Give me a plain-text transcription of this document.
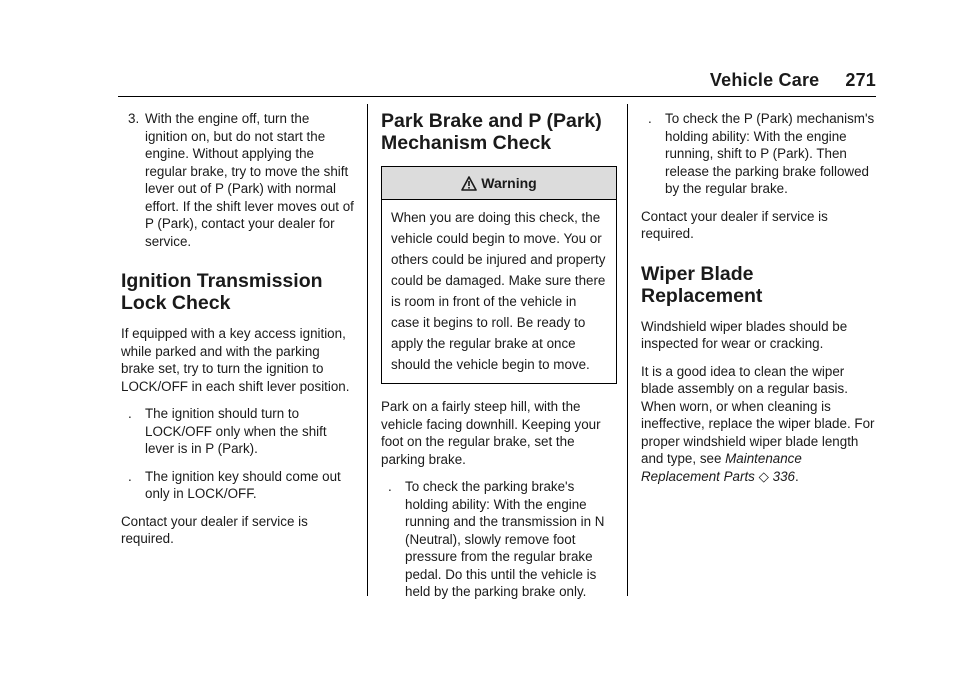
Vehicle Care 271
3. With the engine off, turn the ignition on, but do not start the engine. Without applying the regular brake, try to move the shift lever out of P (Park) with normal effort. If the shift lever moves out of P (Park), contact your dealer for service.
Ignition Transmission Lock Check

If equipped with a key access ignition, while parked and with the parking brake set, try to turn the ignition to LOCK/OFF in each shift lever position.

. The ignition should turn to LOCK/OFF only when the shift lever is in P (Park).
. The ignition key should come out only in LOCK/OFF.

Contact your dealer if service is required.

Park Brake and P (Park) Mechanism Check
Warning
When you are doing this check, the vehicle could begin to move. You or others could be injured and property could be damaged. Make sure there is room in front of the vehicle in case it begins to roll. Be ready to apply the regular brake at once should the vehicle begin to move.

Park on a fairly steep hill, with the vehicle facing downhill. Keeping your foot on the regular brake, set the parking brake.

. To check the parking brake's holding ability: With the engine running and the transmission in N (Neutral), slowly remove foot pressure from the regular brake pedal. Do this until the vehicle is held by the parking brake only.
. To check the P (Park) mechanism's holding ability: With the engine running, shift to P (Park). Then release the parking brake followed by the regular brake.

Contact your dealer if service is required.

Wiper Blade Replacement

Windshield wiper blades should be inspected for wear or cracking.

It is a good idea to clean the wiper blade assembly on a regular basis. When worn, or when cleaning is ineffective, replace the wiper blade. For proper windshield wiper blade length and type, see Maintenance Replacement Parts ◇ 336.
